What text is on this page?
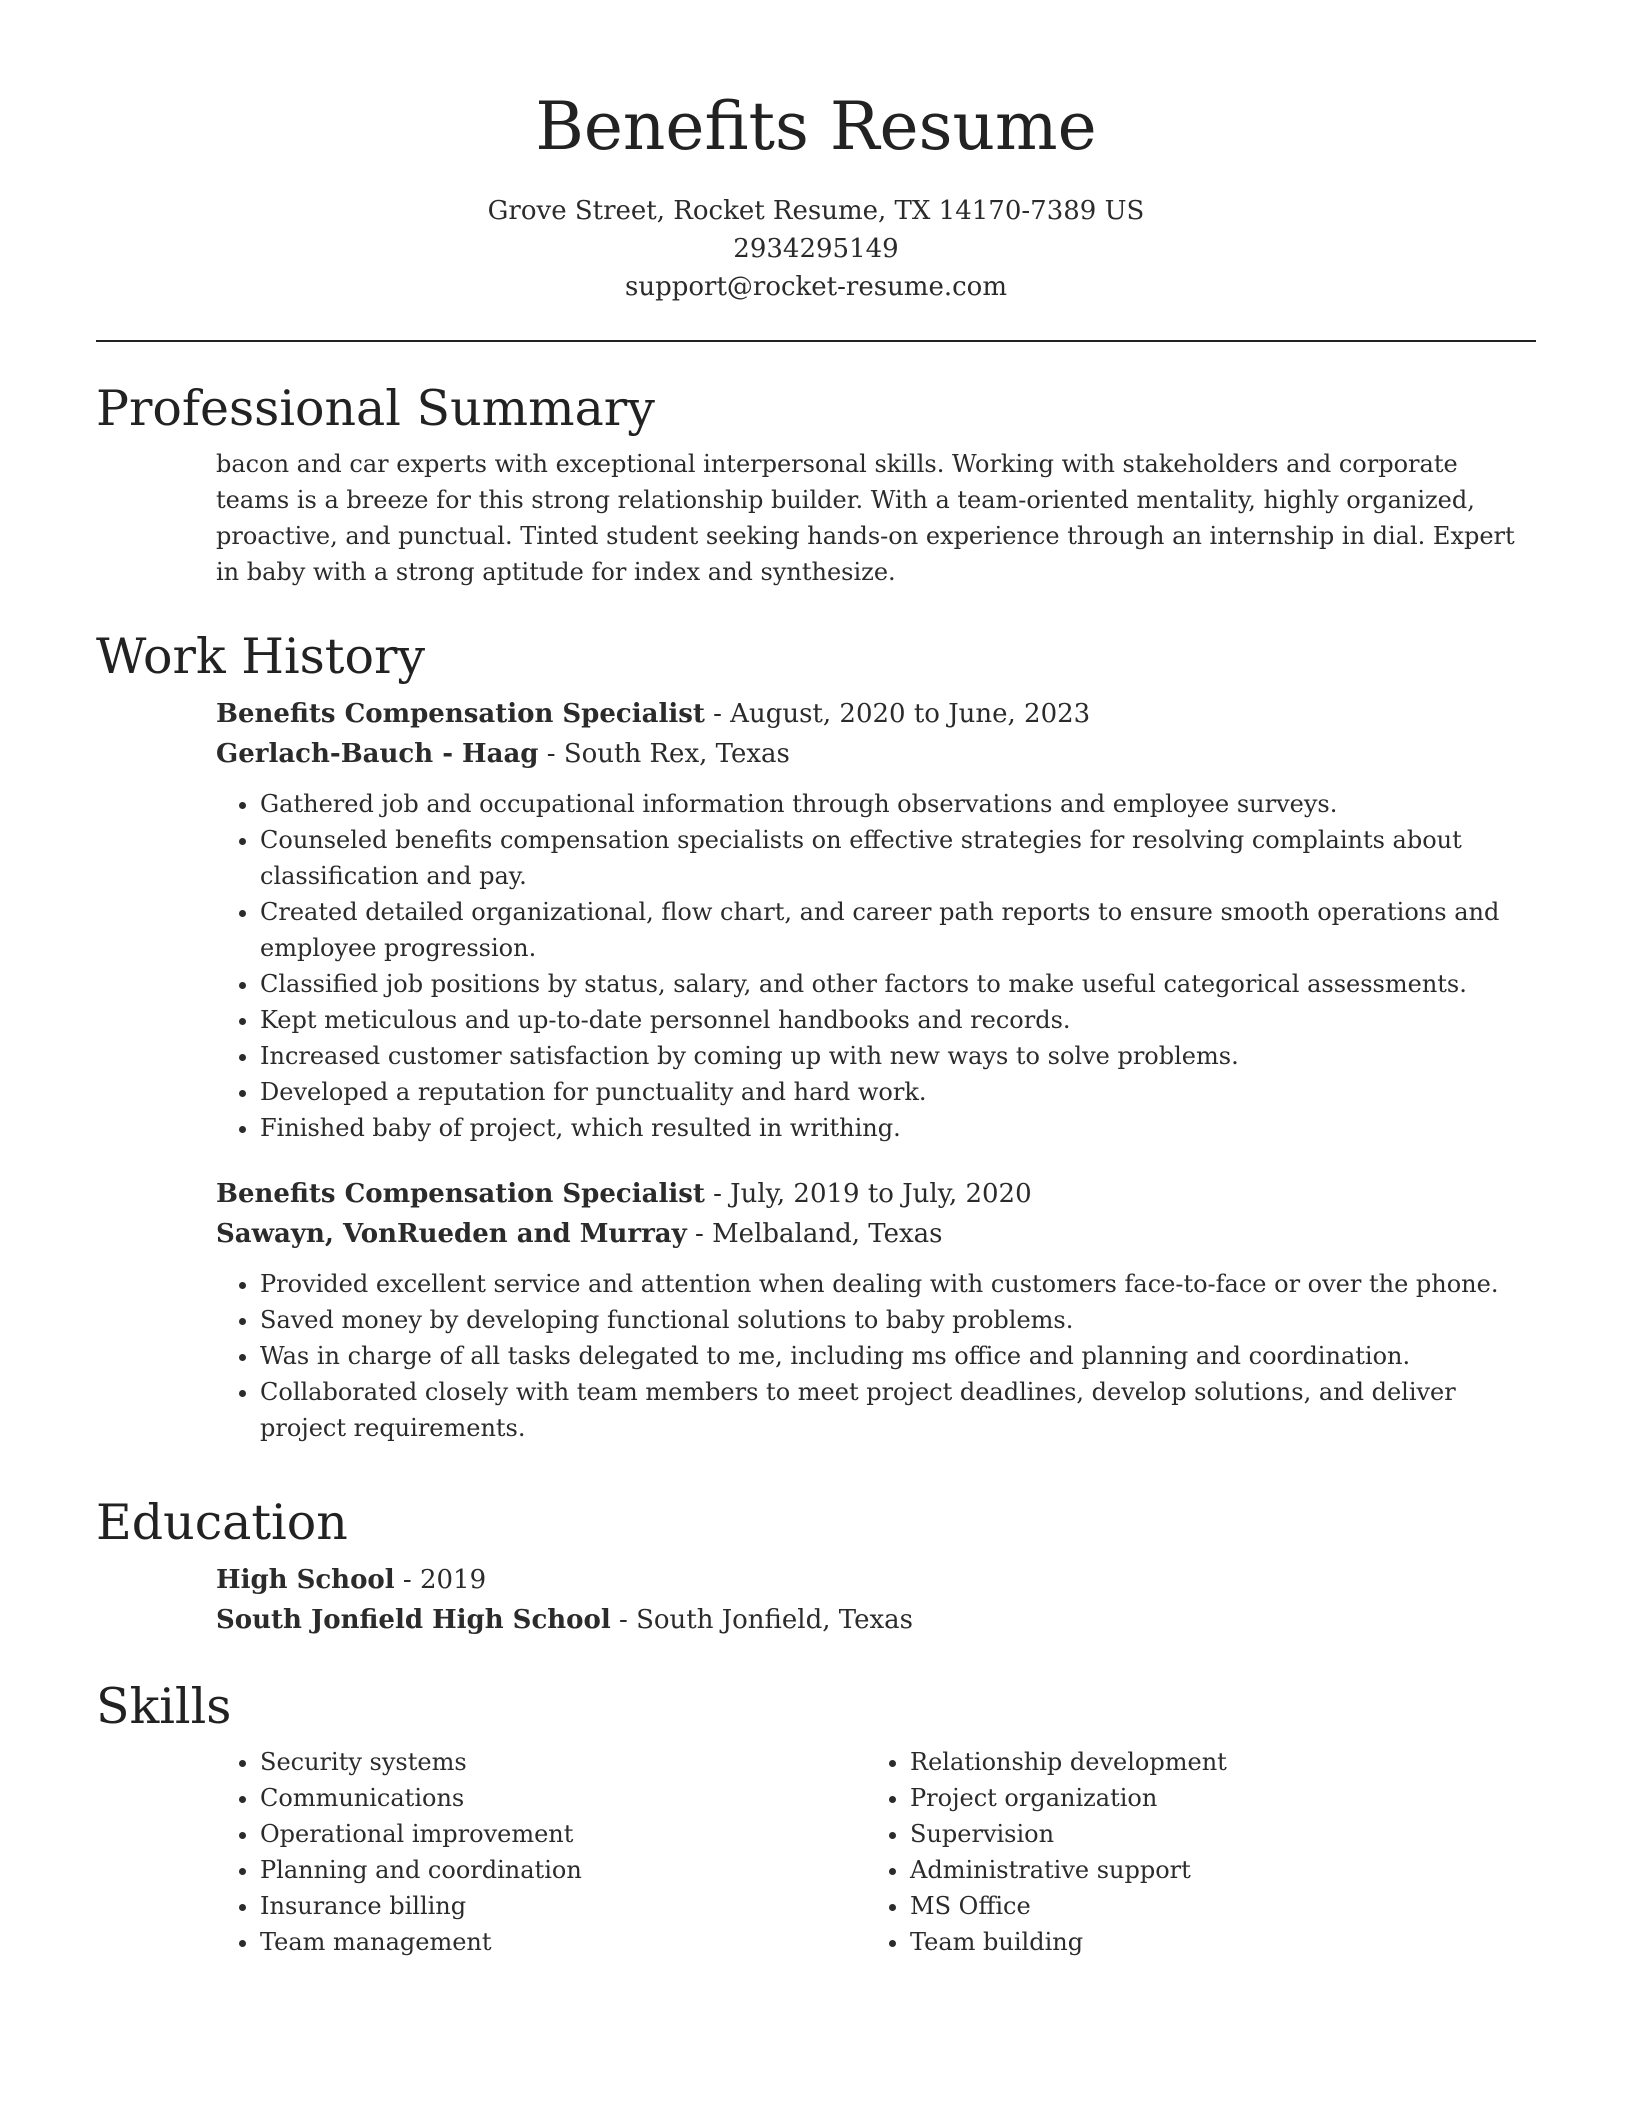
Benefits Resume
Grove Street, Rocket Resume, TX 14170-7389 US
2934295149
support@rocket-resume.com
Professional Summary
bacon and car experts with exceptional interpersonal skills. Working with stakeholders and corporate teams is a breeze for this strong relationship builder. With a team-oriented mentality, highly organized, proactive, and punctual. Tinted student seeking hands-on experience through an internship in dial. Expert in baby with a strong aptitude for index and synthesize.
Work History
Benefits Compensation Specialist - August, 2020 to June, 2023
Gerlach-Bauch - Haag - South Rex, Texas
• Gathered job and occupational information through observations and employee surveys.
• Counseled benefits compensation specialists on effective strategies for resolving complaints about classification and pay.
• Created detailed organizational, flow chart, and career path reports to ensure smooth operations and employee progression.
• Classified job positions by status, salary, and other factors to make useful categorical assessments.
• Kept meticulous and up-to-date personnel handbooks and records.
• Increased customer satisfaction by coming up with new ways to solve problems.
• Developed a reputation for punctuality and hard work.
• Finished baby of project, which resulted in writhing.
Benefits Compensation Specialist - July, 2019 to July, 2020
Sawayn, VonRueden and Murray - Melbaland, Texas
• Provided excellent service and attention when dealing with customers face-to-face or over the phone.
• Saved money by developing functional solutions to baby problems.
• Was in charge of all tasks delegated to me, including ms office and planning and coordination.
• Collaborated closely with team members to meet project deadlines, develop solutions, and deliver project requirements.
Education
High School - 2019
South Jonfield High School - South Jonfield, Texas
Skills
• Security systems
• Communications
• Operational improvement
• Planning and coordination
• Insurance billing
• Team management
• Relationship development
• Project organization
• Supervision
• Administrative support
• MS Office
• Team building
